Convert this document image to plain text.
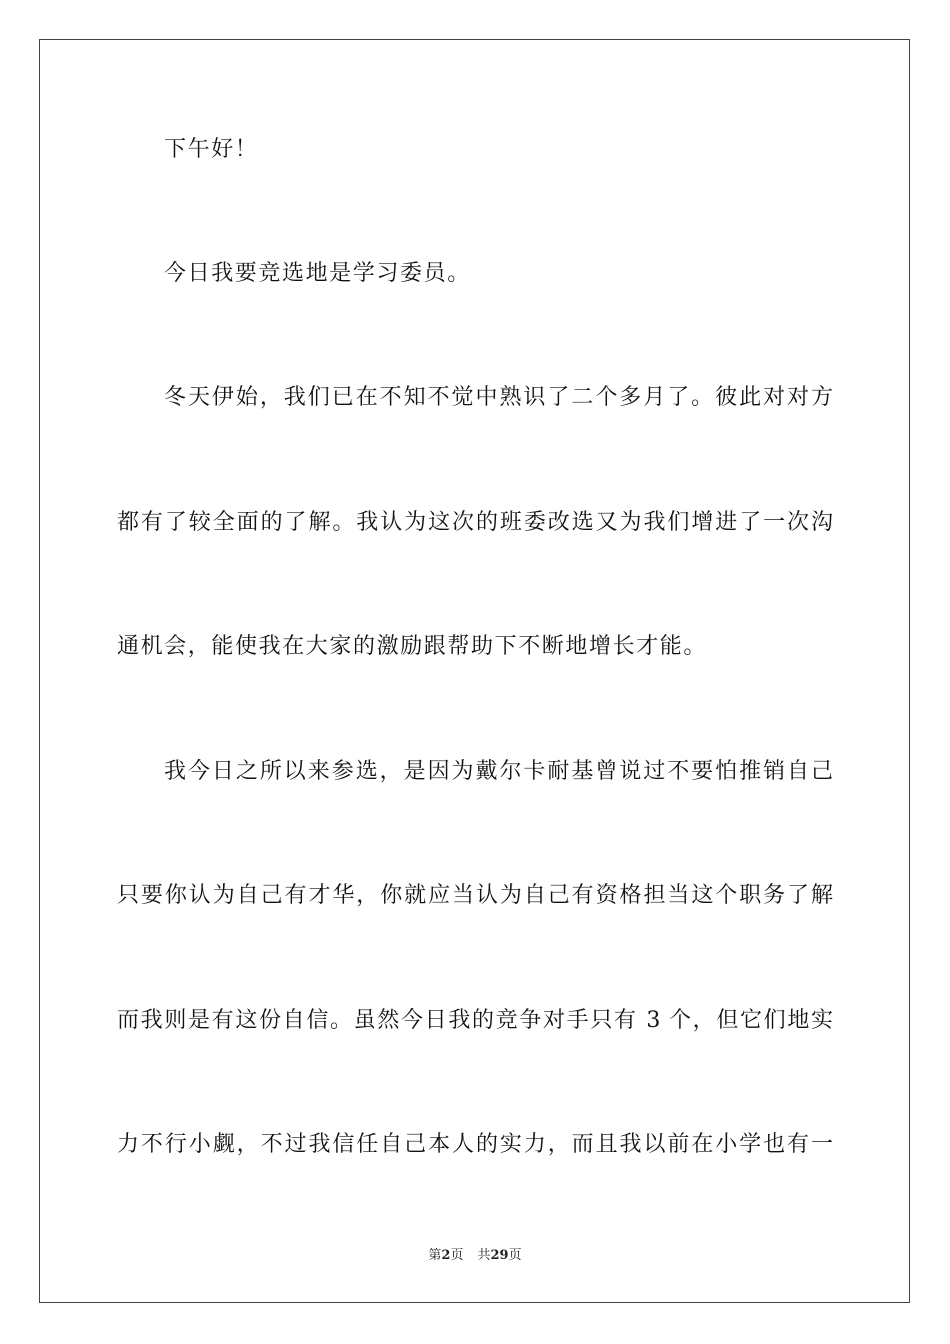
下午好！
今日我要竞选地是学习委员。
冬天伊始，我们已在不知不觉中熟识了二个多月了。彼此对对方
都有了较全面的了解。我认为这次的班委改选又为我们增进了一次沟
通机会，能使我在大家的激励跟帮助下不断地增长才能。
我今日之所以来参选，是因为戴尔卡耐基曾说过不要怕推销自己
只要你认为自己有才华，你就应当认为自己有资格担当这个职务了解
而我则是有这份自信。虽然今日我的竞争对手只有 3 个，但它们地实
力不行小觑，不过我信任自己本人的实力，而且我以前在小学也有一
第2页 共29页
